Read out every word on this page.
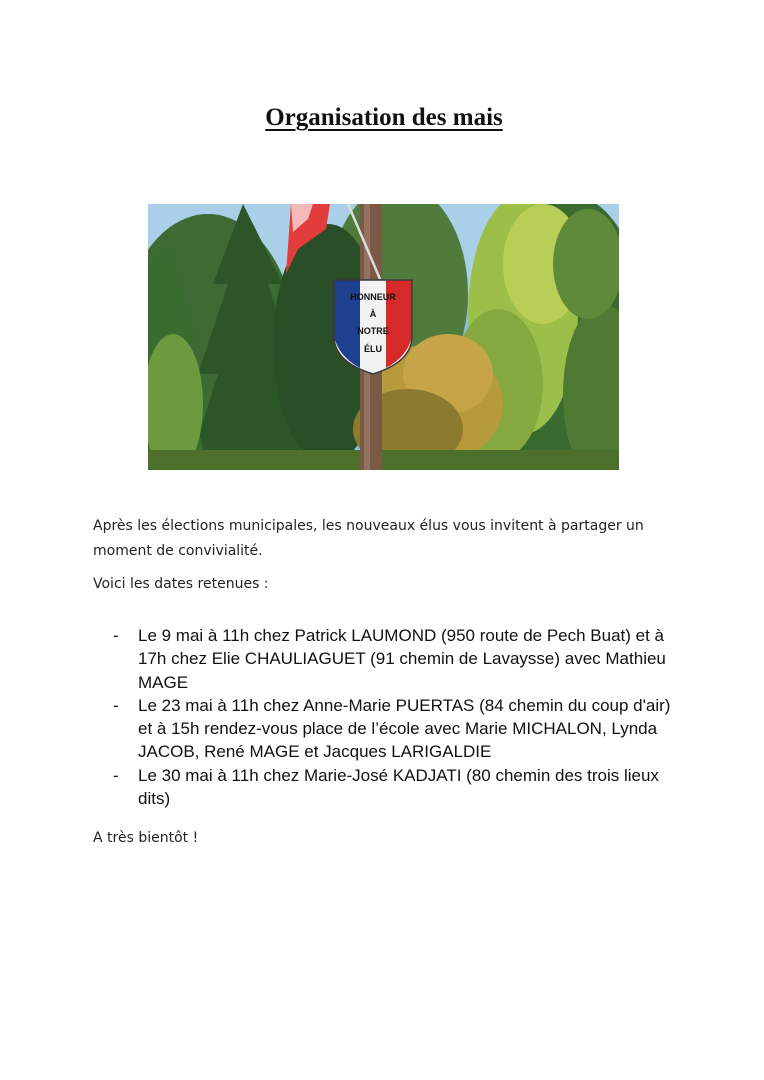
Organisation des mais
HONNEUR
À
NOTRE
ÉLU

Après les élections municipales, les nouveaux élus vous invitent à partager un moment de convivialité.

Voici les dates retenues :

- Le 9 mai à 11h chez Patrick LAUMOND (950 route de Pech Buat) et à 17h chez Elie CHAULIAGUET (91 chemin de Lavaysse) avec Mathieu MAGE
- Le 23 mai à 11h chez Anne-Marie PUERTAS (84 chemin du coup d'air) et à 15h rendez-vous place de l’école avec Marie MICHALON, Lynda JACOB, René MAGE et Jacques LARIGALDIE
- Le 30 mai à 11h chez Marie-José KADJATI (80 chemin des trois lieux dits)

A très bientôt !
